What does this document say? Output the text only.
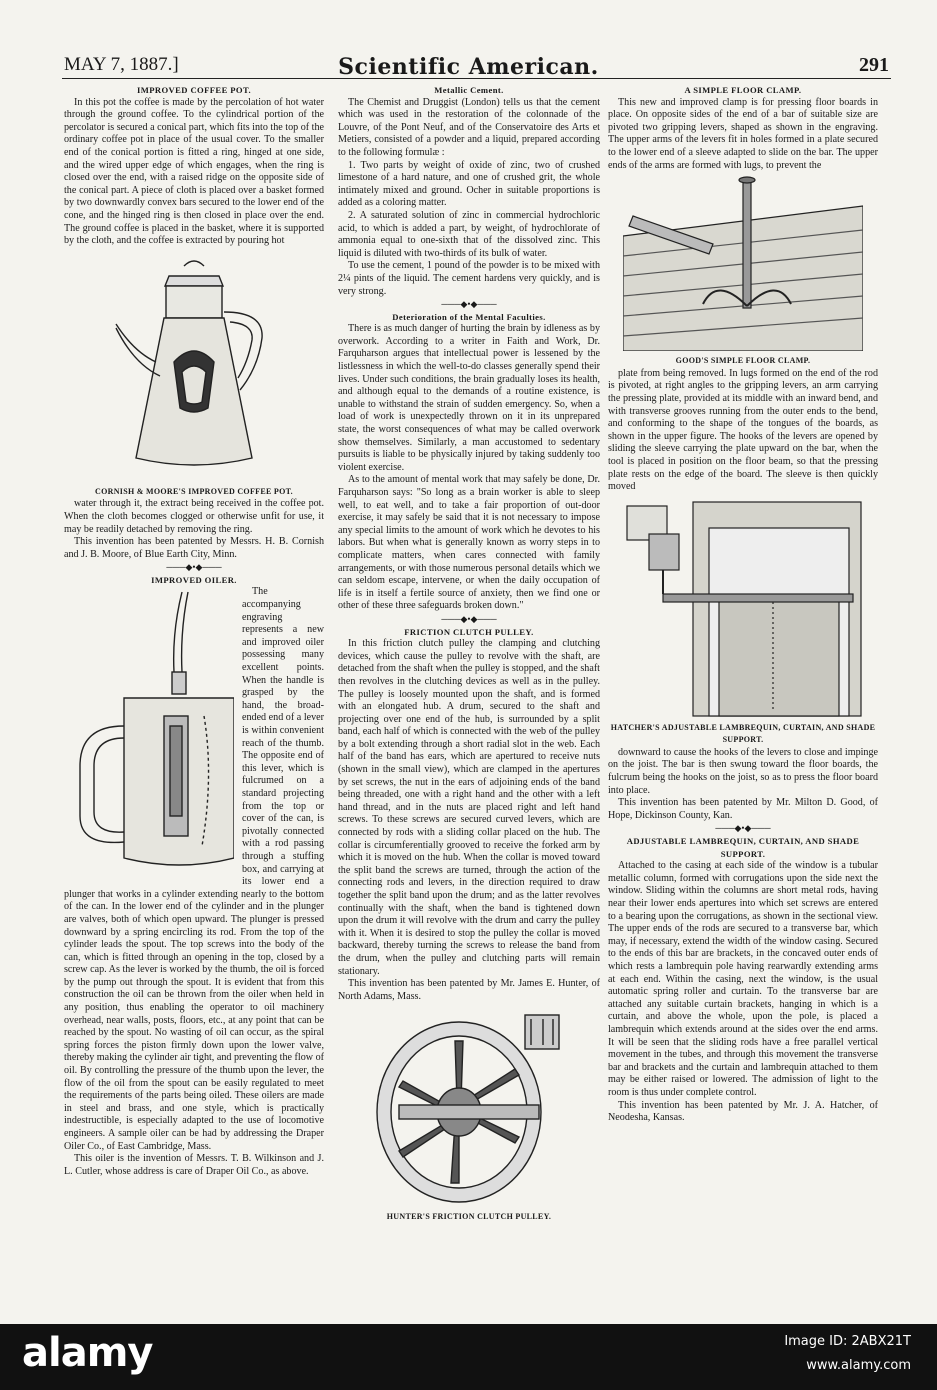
MAY 7, 1887.]	Scientific American.	291

IMPROVED COFFEE POT.

In this pot the coffee is made by the percolation of hot water through the ground coffee. To the cylindrical portion of the percolator is secured a conical part, which fits into the top of the ordinary coffee pot in place of the usual cover. To the smaller end of the conical portion is fitted a ring, hinged at one side, and the wired upper edge of which engages, when the ring is closed over the end, with a raised ridge on the opposite side of the conical part. A piece of cloth is placed over a basket formed by two downwardly convex bars secured to the lower end of the cone, and the hinged ring is then closed in place over the end. The ground coffee is placed in the basket, where it is supported by the cloth, and the coffee is extracted by pouring hot

CORNISH & MOORE'S IMPROVED COFFEE POT.

water through it, the extract being received in the coffee pot. When the cloth becomes clogged or otherwise unfit for use, it may be readily detached by removing the ring.

This invention has been patented by Messrs. H. B. Cornish and J. B. Moore, of Blue Earth City, Minn.

───◆•◆───

IMPROVED OILER.

The accompanying engraving represents a new and improved oiler possessing many excellent points. When the handle is grasped by the hand, the broad-ended end of a lever is within convenient reach of the thumb. The opposite end of this lever, which is fulcrumed on a standard projecting from the top or cover of the can, is pivotally connected with a rod passing through a stuffing box, and carrying at its lower end a plunger that works in a cylinder extending nearly to the bottom of the can. In the lower end of the cylinder and in the plunger are valves, both of which open upward. The plunger is pressed downward by a spring encircling its rod. From the top of the cylinder leads the spout. The top screws into the body of the can, which is fitted through an opening in the top, closed by a screw cap. As the lever is worked by the thumb, the oil is forced by the pump out through the spout. It is evident that from this construction the oil can be thrown from the oiler when held in any position, thus enabling the operator to oil machinery overhead, near walls, posts, floors, etc., at any point that can be reached by the spout. No wasting of oil can occur, as the spiral spring forces the piston firmly down upon the lower valve, thereby making the cylinder air tight, and preventing the flow of oil. By controlling the pressure of the thumb upon the lever, the flow of the oil from the spout can be easily regulated to meet the requirements of the parts being oiled. These oilers are made in steel and brass, and one style, which is practically indestructible, is especially adapted to the use of locomotive engineers. A sample oiler can be had by addressing the Draper Oiler Co., of East Cambridge, Mass.

This oiler is the invention of Messrs. T. B. Wilkinson and J. L. Cutler, whose address is care of Draper Oil Co., as above.

Metallic Cement.

The Chemist and Druggist (London) tells us that the cement which was used in the restoration of the colonnade of the Louvre, of the Pont Neuf, and of the Conservatoire des Arts et Metiers, consisted of a powder and a liquid, prepared according to the following formulæ :

1. Two parts by weight of oxide of zinc, two of crushed limestone of a hard nature, and one of crushed grit, the whole intimately mixed and ground. Ocher in suitable proportions is added as a coloring matter.

2. A saturated solution of zinc in commercial hydrochloric acid, to which is added a part, by weight, of hydrochlorate of ammonia equal to one-sixth that of the dissolved zinc. This liquid is diluted with two-thirds of its bulk of water.

To use the cement, 1 pound of the powder is to be mixed with 2¼ pints of the liquid. The cement hardens very quickly, and is very strong.

───◆•◆───

Deterioration of the Mental Faculties.

There is as much danger of hurting the brain by idleness as by overwork. According to a writer in Faith and Work, Dr. Farquharson argues that intellectual power is lessened by the listlessness in which the well-to-do classes generally spend their lives. Under such conditions, the brain gradually loses its health, and although equal to the demands of a routine existence, is unable to withstand the strain of sudden emergency. So, when a load of work is unexpectedly thrown on it in its unprepared state, the worst consequences of what may be called overwork show themselves. Similarly, a man accustomed to sedentary pursuits is liable to be physically injured by taking suddenly too violent exercise.

As to the amount of mental work that may safely be done, Dr. Farquharson says: "So long as a brain worker is able to sleep well, to eat well, and to take a fair proportion of out-door exercise, it may safely be said that it is not necessary to impose any special limits to the amount of work which he devotes to his labors. But when what is generally known as worry steps in to complicate matters, when cares connected with family arrangements, or with those numerous personal details which we can seldom escape, intervene, or when the daily occupation of life is in itself a fertile source of anxiety, then we find one or other of these three safeguards broken down."

───◆•◆───

FRICTION CLUTCH PULLEY.

In this friction clutch pulley the clamping and clutching devices, which cause the pulley to revolve with the shaft, are detached from the shaft when the pulley is stopped, and the shaft then revolves in the clutching devices as well as in the pulley. The pulley is loosely mounted upon the shaft, and is formed with an elongated hub. A drum, secured to the shaft and projecting over one end of the hub, is surrounded by a split band, each half of which is connected with the web of the pulley by a bolt extending through a short radial slot in the web. Each half of the band has ears, which are apertured to receive nuts (shown in the small view), which are clamped in the apertures by set screws, the nut in the ears of adjoining ends of the band being threaded, one with a right hand and the other with a left hand thread, and in the nuts are placed right and left hand screws. To these screws are secured curved levers, which are connected by rods with a sliding collar placed on the hub. The collar is circumferentially grooved to receive the forked arm by which it is moved on the hub. When the collar is moved toward the split band the screws are turned, through the action of the connecting rods and levers, in the direction required to draw together the split band upon the drum; and as the latter revolves continually with the shaft, when the band is tightened down upon the drum it will revolve with the drum and carry the pulley with it. When it is desired to stop the pulley the collar is moved backward, thereby turning the screws to release the band from the drum, when the pulley and clutching parts will remain stationary.

This invention has been patented by Mr. James E. Hunter, of North Adams, Mass.

HUNTER'S FRICTION CLUTCH PULLEY.

A SIMPLE FLOOR CLAMP.

This new and improved clamp is for pressing floor boards in place. On opposite sides of the end of a bar of suitable size are pivoted two gripping levers, shaped as shown in the engraving. The upper arms of the levers fit in holes formed in a plate secured to the lower end of a sleeve adapted to slide on the bar. The upper ends of the arms are formed with lugs, to prevent the

GOOD'S SIMPLE FLOOR CLAMP.

plate from being removed. In lugs formed on the end of the rod is pivoted, at right angles to the gripping levers, an arm carrying the pressing plate, provided at its middle with an inward bend, and with transverse grooves running from the outer ends to the bend, and conforming to the shape of the tongues of the boards, as shown in the upper figure. The hooks of the levers are opened by sliding the sleeve carrying the plate upward on the bar, when the tool is placed in position on the floor beam, so that the pressing plate rests on the edge of the board. The sleeve is then quickly moved

HATCHER'S ADJUSTABLE LAMBREQUIN, CURTAIN, AND SHADE SUPPORT.

downward to cause the hooks of the levers to close and impinge on the joist. The bar is then swung toward the floor boards, the fulcrum being the hooks on the joist, so as to press the floor board into place.

This invention has been patented by Mr. Milton D. Good, of Hope, Dickinson County, Kan.

───◆•◆───

ADJUSTABLE LAMBREQUIN, CURTAIN, AND SHADE SUPPORT.

Attached to the casing at each side of the window is a tubular metallic column, formed with corrugations upon the side next the window. Sliding within the columns are short metal rods, having near their lower ends apertures into which set screws are entered to a bearing upon the corrugations, as shown in the sectional view. The upper ends of the rods are secured to a transverse bar, which may, if necessary, extend the width of the window casing. Secured to the ends of this bar are brackets, in the concaved outer ends of which rests a lambrequin pole having rearwardly extending arms at each end. Within the casing, next the window, is the usual automatic spring roller and curtain. To the transverse bar are attached any suitable curtain brackets, hanging in which is a curtain, and above the whole, upon the pole, is placed a lambrequin which extends around at the sides over the end arms. It will be seen that the sliding rods have a free parallel vertical movement in the tubes, and through this movement the transverse bar and brackets and the curtain and lambrequin attached to them may be either raised or lowered. The admission of light to the room is thus under complete control.

This invention has been patented by Mr. J. A. Hatcher, of Neodesha, Kansas.

alamy	Image ID: 2ABX21T
www.alamy.com
